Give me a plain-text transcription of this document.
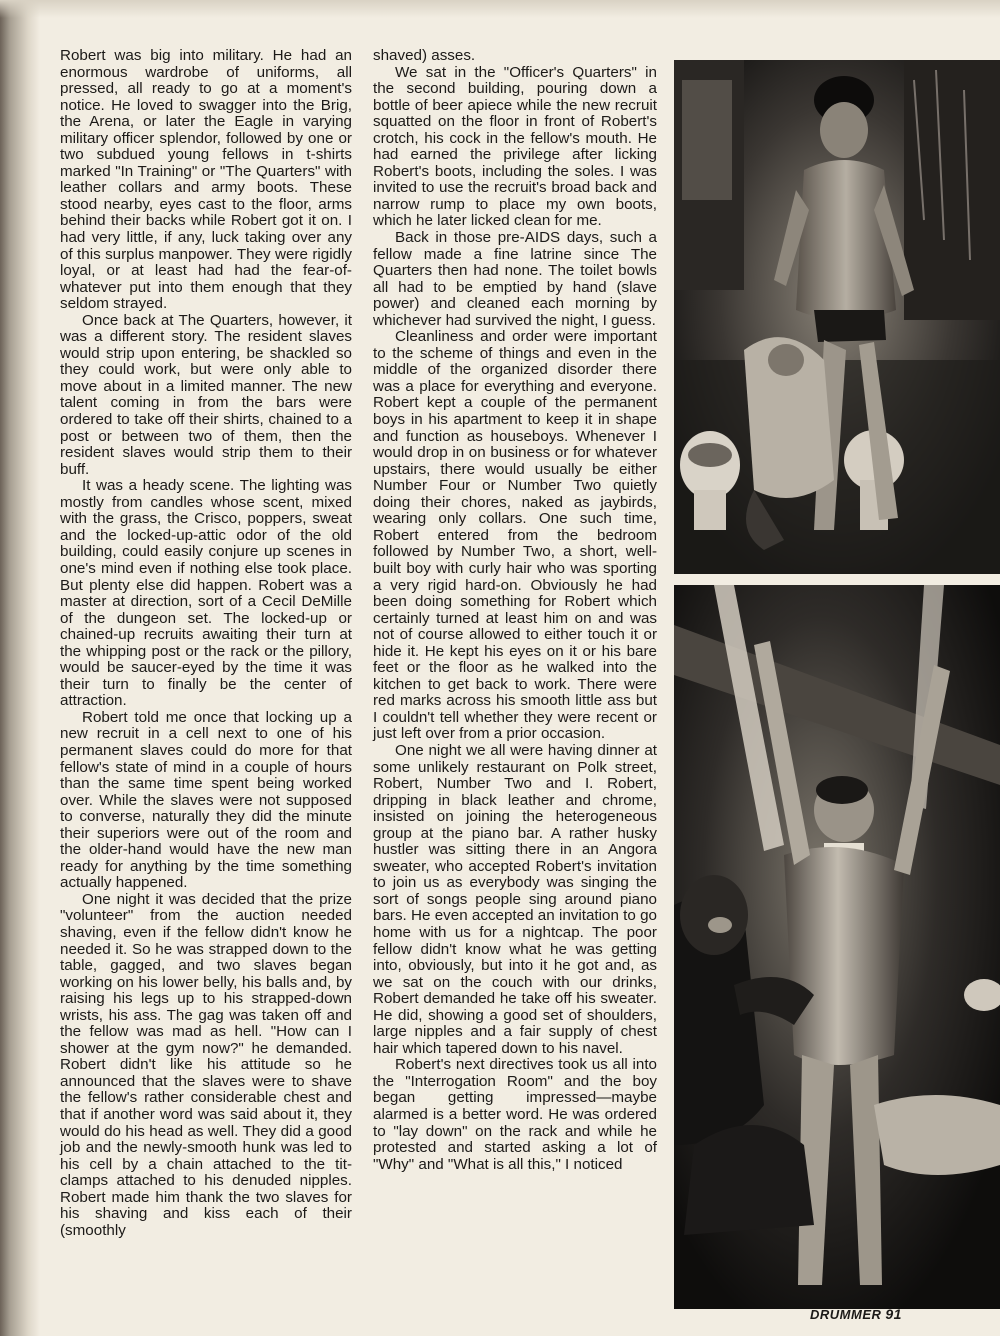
Robert was big into military. He had an enormous wardrobe of uniforms, all pressed, all ready to go at a moment's notice. He loved to swagger into the Brig, the Arena, or later the Eagle in varying military officer splendor, followed by one or two subdued young fellows in t-shirts marked "In Training" or "The Quarters" with leather collars and army boots. These stood nearby, eyes cast to the floor, arms behind their backs while Robert got it on. I had very little, if any, luck taking over any of this surplus manpower. They were rigidly loyal, or at least had had the fear-of-whatever put into them enough that they seldom strayed.

Once back at The Quarters, however, it was a different story. The resident slaves would strip upon entering, be shackled so they could work, but were only able to move about in a limited manner. The new talent coming in from the bars were ordered to take off their shirts, chained to a post or between two of them, then the resident slaves would strip them to their buff.

It was a heady scene. The lighting was mostly from candles whose scent, mixed with the grass, the Crisco, poppers, sweat and the locked-up-attic odor of the old building, could easily conjure up scenes in one's mind even if nothing else took place. But plenty else did happen. Robert was a master at direction, sort of a Cecil DeMille of the dungeon set. The locked-up or chained-up recruits awaiting their turn at the whipping post or the rack or the pillory, would be saucer-eyed by the time it was their turn to finally be the center of attraction.

Robert told me once that locking up a new recruit in a cell next to one of his permanent slaves could do more for that fellow's state of mind in a couple of hours than the same time spent being worked over. While the slaves were not supposed to converse, naturally they did the minute their superiors were out of the room and the older-hand would have the new man ready for anything by the time something actually happened.

One night it was decided that the prize "volunteer" from the auction needed shaving, even if the fellow didn't know he needed it. So he was strapped down to the table, gagged, and two slaves began working on his lower belly, his balls and, by raising his legs up to his strapped-down wrists, his ass. The gag was taken off and the fellow was mad as hell. "How can I shower at the gym now?" he demanded. Robert didn't like his attitude so he announced that the slaves were to shave the fellow's rather considerable chest and that if another word was said about it, they would do his head as well. They did a good job and the newly-smooth hunk was led to his cell by a chain attached to the tit-clamps attached to his denuded nipples. Robert made him thank the two slaves for his shaving and kiss each of their (smoothly

shaved) asses.

We sat in the "Officer's Quarters" in the second building, pouring down a bottle of beer apiece while the new recruit squatted on the floor in front of Robert's crotch, his cock in the fellow's mouth. He had earned the privilege after licking Robert's boots, including the soles. I was invited to use the recruit's broad back and narrow rump to place my own boots, which he later licked clean for me.

Back in those pre-AIDS days, such a fellow made a fine latrine since The Quarters then had none. The toilet bowls all had to be emptied by hand (slave power) and cleaned each morning by whichever had survived the night, I guess.

Cleanliness and order were important to the scheme of things and even in the middle of the organized disorder there was a place for everything and everyone. Robert kept a couple of the permanent boys in his apartment to keep it in shape and function as houseboys. Whenever I would drop in on business or for whatever upstairs, there would usually be either Number Four or Number Two quietly doing their chores, naked as jaybirds, wearing only collars. One such time, Robert entered from the bedroom followed by Number Two, a short, well-built boy with curly hair who was sporting a very rigid hard-on. Obviously he had been doing something for Robert which certainly turned at least him on and was not of course allowed to either touch it or hide it. He kept his eyes on it or his bare feet or the floor as he walked into the kitchen to get back to work. There were red marks across his smooth little ass but I couldn't tell whether they were recent or just left over from a prior occasion.

One night we all were having dinner at some unlikely restaurant on Polk street, Robert, Number Two and I. Robert, dripping in black leather and chrome, insisted on joining the heterogeneous group at the piano bar. A rather husky hustler was sitting there in an Angora sweater, who accepted Robert's invitation to join us as everybody was singing the sort of songs people sing around piano bars. He even accepted an invitation to go home with us for a nightcap. The poor fellow didn't know what he was getting into, obviously, but into it he got and, as we sat on the couch with our drinks, Robert demanded he take off his sweater. He did, showing a good set of shoulders, large nipples and a fair supply of chest hair which tapered down to his navel.

Robert's next directives took us all into the "Interrogation Room" and the boy began getting impressed—maybe alarmed is a better word. He was ordered to "lay down" on the rack and while he protested and started asking a lot of "Why" and "What is all this," I noticed

DRUMMER 91
